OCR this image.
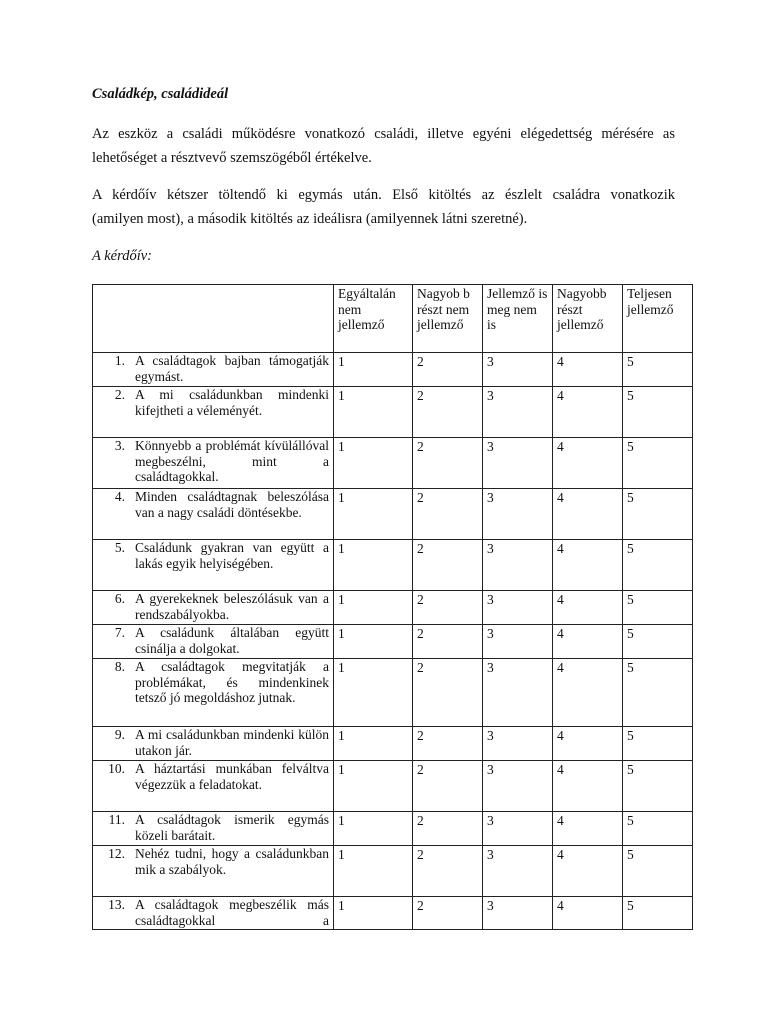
Családkép, családideál
Az eszköz a családi működésre vonatkozó családi, illetve egyéni elégedettség mérésére as
lehetőséget a résztvevő szemszögéből értékelve.
A kérdőív kétszer töltendő ki egymás után. Első kitöltés az észlelt családra vonatkozik
(amilyen most), a második kitöltés az ideálisra (amilyennek látni szeretné).
A kérdőív:
	Egyáltalán nem jellemző	Nagyob b részt nem jellemző	Jellemző is meg nem is	Nagyobb részt jellemző	Teljesen jellemző

1. A családtagok bajban támogatják egymást.	1	2	3	4	5

2. A mi családunkban mindenki kifejtheti a véleményét.	1	2	3	4	5

3. Könnyebb a problémát kívülállóval megbeszélni, mint a családtagokkal.	1	2	3	4	5

4. Minden családtagnak beleszólása van a nagy családi döntésekbe.	1	2	3	4	5

5. Családunk gyakran van együtt a lakás egyik helyiségében.	1	2	3	4	5

6. A gyerekeknek beleszólásuk van a rendszabályokba.	1	2	3	4	5

7. A családunk általában együtt csinálja a dolgokat.	1	2	3	4	5

8. A családtagok megvitatják a problémákat, és mindenkinek tetsző jó megoldáshoz jutnak.	1	2	3	4	5

9. A mi családunkban mindenki külön utakon jár.	1	2	3	4	5

10. A háztartási munkában felváltva végezzük a feladatokat.	1	2	3	4	5

11. A családtagok ismerik egymás közeli barátait.	1	2	3	4	5

12. Nehéz tudni, hogy a családunkban mik a szabályok.	1	2	3	4	5

13. A családtagok megbeszélik más családtagokkal a	1	2	3	4	5
